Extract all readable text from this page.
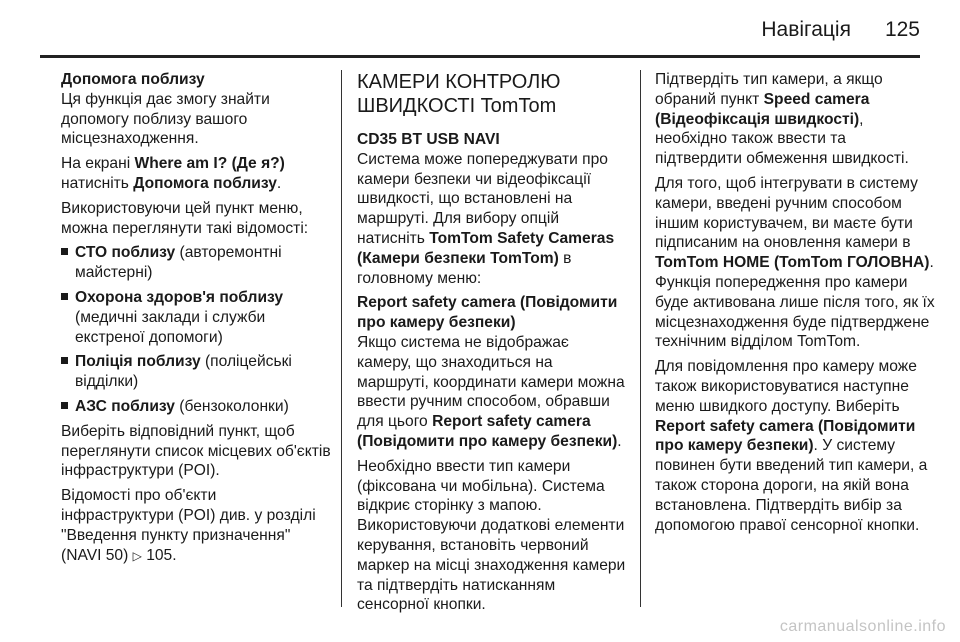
Навігація 125

Допомога поблизу
Ця функція дає змогу знайти допомогу поблизу вашого місцезнаходження.

На екрані Where am I? (Де я?) натисніть Допомога поблизу.

Використовуючи цей пункт меню, можна переглянути такі відомості:

СТО поблизу (авторемонтні майстерні)
Охорона здоров'я поблизу (медичні заклади і служби екстреної допомоги)
Поліція поблизу (поліцейські відділки)
АЗС поблизу (бензоколонки)

Виберіть відповідний пункт, щоб переглянути список місцевих об'єктів інфраструктури (POI).

Відомості про об'єкти інфраструктури (POI) див. у розділі "Введення пункту призначення" (NAVI 50) ▷ 105.

КАМЕРИ КОНТРОЛЮ ШВИДКОСТІ TomTom

CD35 BT USB NAVI
Система може попереджувати про камери безпеки чи відеофіксації швидкості, що встановлені на маршруті. Для вибору опцій натисніть TomTom Safety Cameras (Камери безпеки TomTom) в головному меню:

Report safety camera (Повідомити про камеру безпеки)
Якщо система не відображає камеру, що знаходиться на маршруті, координати камери можна ввести ручним способом, обравши для цього Report safety camera (Повідомити про камеру безпеки).

Необхідно ввести тип камери (фіксована чи мобільна). Система відкриє сторінку з мапою. Використовуючи додаткові елементи керування, встановіть червоний маркер на місці знаходження камери та підтвердіть натисканням сенсорної кнопки.

Підтвердіть тип камери, а якщо обраний пункт Speed camera (Відеофіксація швидкості), необхідно також ввести та підтвердити обмеження швидкості.

Для того, щоб інтегрувати в систему камери, введені ручним способом іншим користувачем, ви маєте бути підписаним на оновлення камери в TomTom HOME (TomTom ГОЛОВНА). Функція попередження про камери буде активована лише після того, як їх місцезнаходження буде підтверджене технічним відділом TomTom.

Для повідомлення про камеру може також використовуватися наступне меню швидкого доступу. Виберіть Report safety camera (Повідомити про камеру безпеки). У систему повинен бути введений тип камери, а також сторона дороги, на якій вона встановлена. Підтвердіть вибір за допомогою правої сенсорної кнопки.

carmanualsonline.info
